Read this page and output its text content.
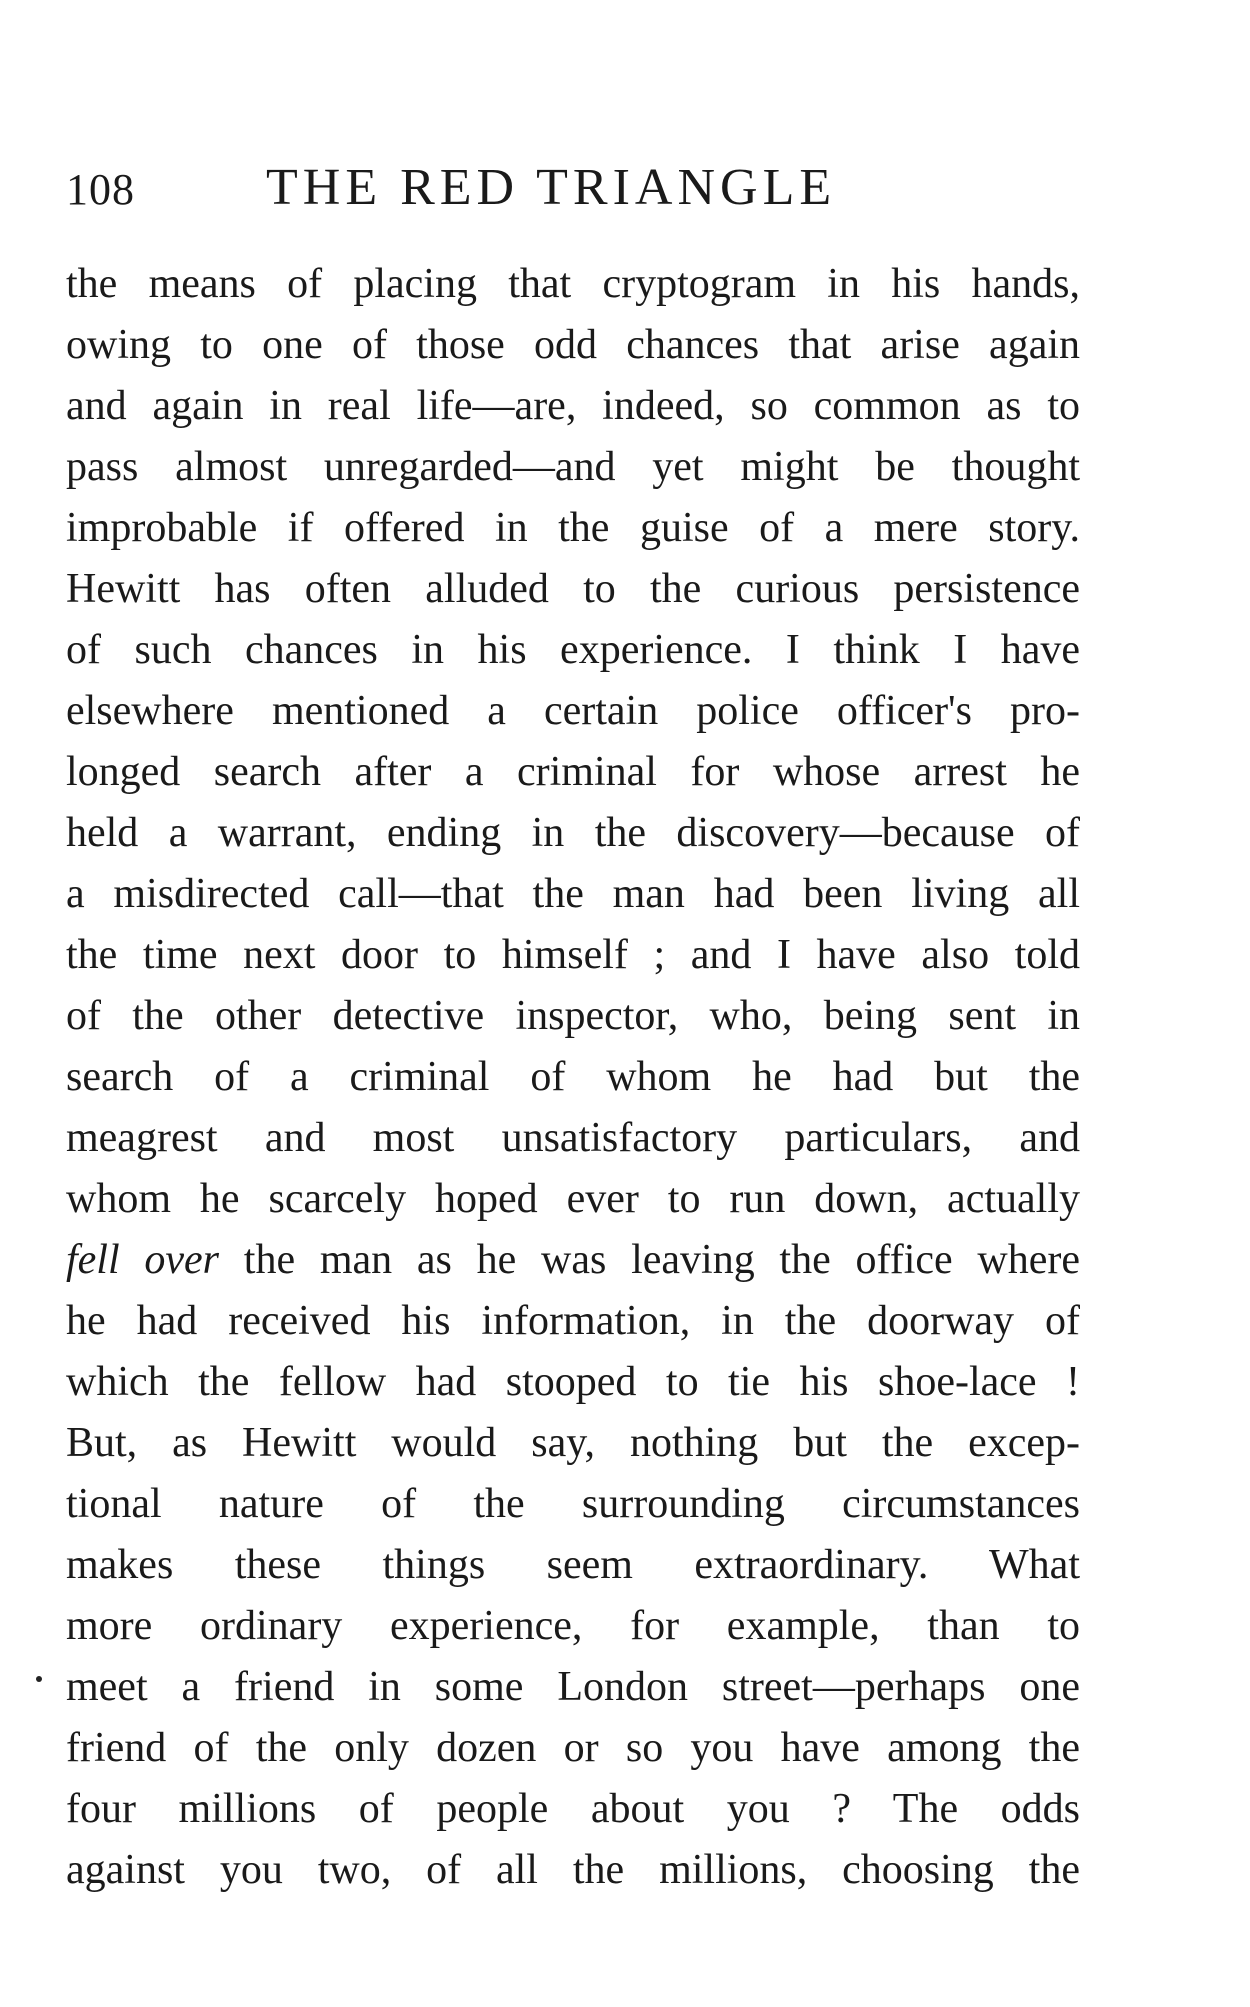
108	THE RED TRIANGLE
the means of placing that cryptogram in his hands,
owing to one of those odd chances that arise again
and again in real life—are, indeed, so common as to
pass almost unregarded—and yet might be thought
improbable if offered in the guise of a mere story.
Hewitt has often alluded to the curious persistence
of such chances in his experience. I think I have
elsewhere mentioned a certain police officer's pro-
longed search after a criminal for whose arrest he
held a warrant, ending in the discovery—because of
a misdirected call—that the man had been living all
the time next door to himself ; and I have also told
of the other detective inspector, who, being sent in
search of a criminal of whom he had but the
meagrest and most unsatisfactory particulars, and
whom he scarcely hoped ever to run down, actually
fell over the man as he was leaving the office where
he had received his information, in the doorway of
which the fellow had stooped to tie his shoe-lace !
But, as Hewitt would say, nothing but the excep-
tional nature of the surrounding circumstances
makes these things seem extraordinary. What
more ordinary experience, for example, than to
meet a friend in some London street—perhaps one
friend of the only dozen or so you have among the
four millions of people about you ? The odds
against you two, of all the millions, choosing the
